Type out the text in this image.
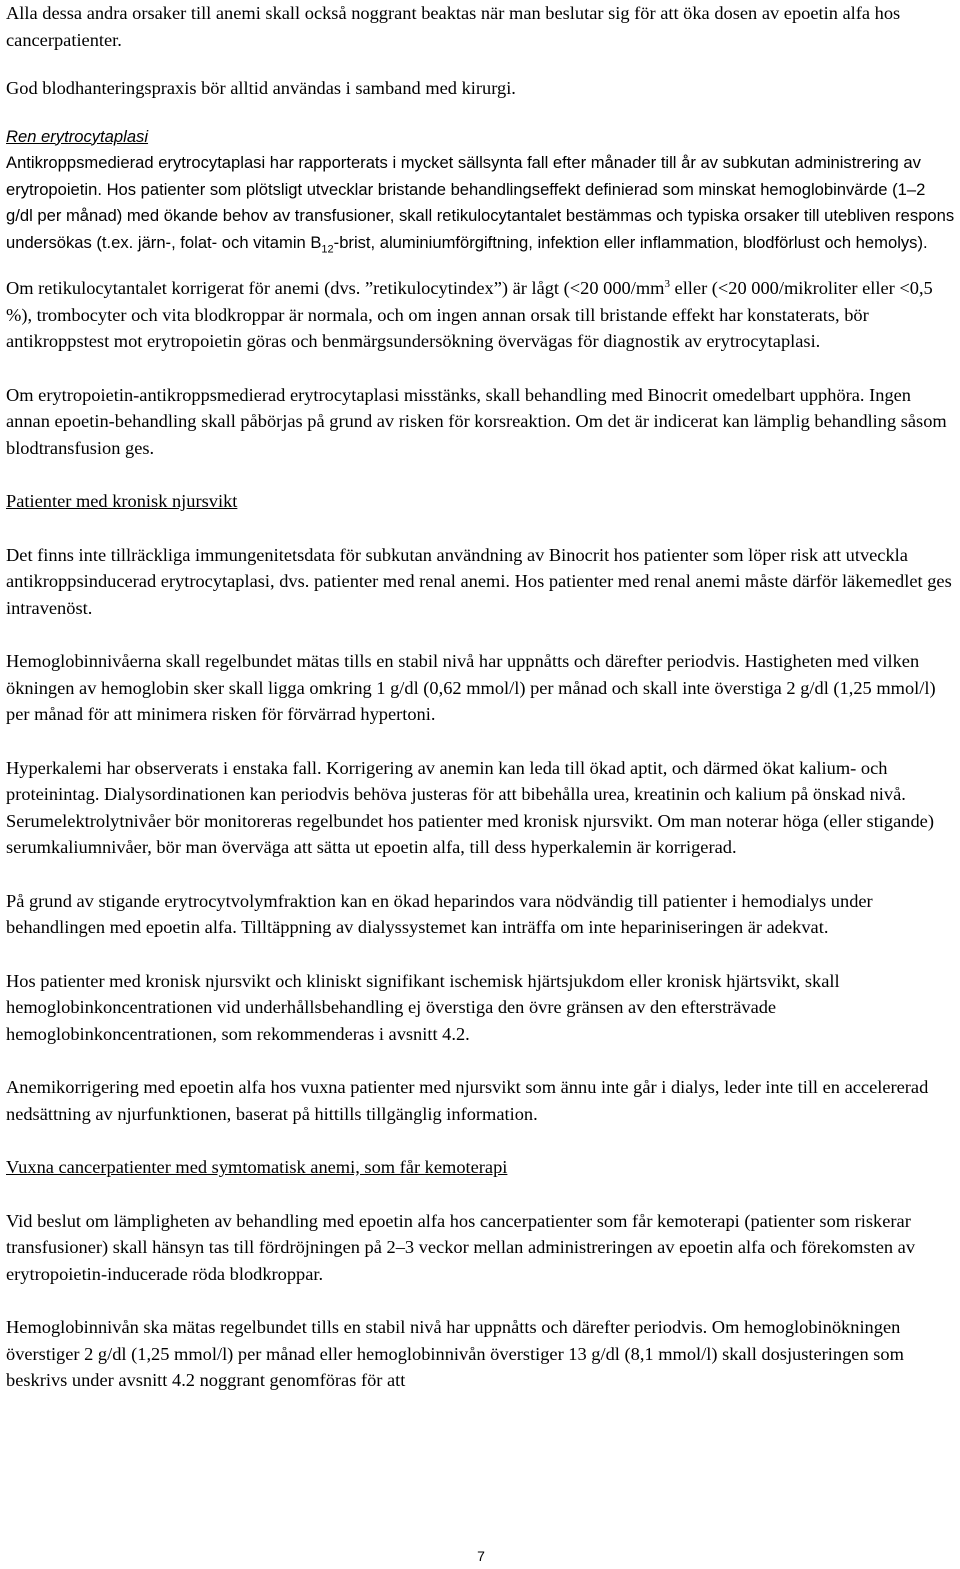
Alla dessa andra orsaker till anemi skall också noggrant beaktas när man beslutar sig för att öka dosen av epoetin alfa hos cancerpatienter.

God blodhanteringspraxis bör alltid användas i samband med kirurgi.

Ren erytrocytaplasi

Antikroppsmedierad erytrocytaplasi har rapporterats i mycket sällsynta fall efter månader till år av subkutan administrering av erytropoietin. Hos patienter som plötsligt utvecklar bristande behandlingseffekt definierad som minskat hemoglobinvärde (1–2 g/dl per månad) med ökande behov av transfusioner, skall retikulocytantalet bestämmas och typiska orsaker till utebliven respons undersökas (t.ex. järn-, folat- och vitamin $B_{12}$-brist, aluminiumförgiftning, infektion eller inflammation, blodförlust och hemolys).

Om retikulocytantalet korrigerat för anemi (dvs. ”retikulocytindex”) är lågt (<20 $000/mm^3$ eller (<20 000/mikroliter eller <0,5 %), trombocyter och vita blodkroppar är normala, och om ingen annan orsak till bristande effekt har konstaterats, bör antikroppstest mot erytropoietin göras och benmärgsundersökning övervägas för diagnostik av erytrocytaplasi.

Om erytropoietin-antikroppsmedierad erytrocytaplasi misstänks, skall behandling med Binocrit omedelbart upphöra. Ingen annan epoetin-behandling skall påbörjas på grund av risken för korsreaktion. Om det är indicerat kan lämplig behandling såsom blodtransfusion ges.

Patienter med kronisk njursvikt

Det finns inte tillräckliga immungenitetsdata för subkutan användning av Binocrit hos patienter som löper risk att utveckla antikroppsinducerad erytrocytaplasi, dvs. patienter med renal anemi. Hos patienter med renal anemi måste därför läkemedlet ges intravenöst.

Hemoglobinnivåerna skall regelbundet mätas tills en stabil nivå har uppnåtts och därefter periodvis. Hastigheten med vilken ökningen av hemoglobin sker skall ligga omkring 1 g/dl (0,62 mmol/l) per månad och skall inte överstiga 2 g/dl (1,25 mmol/l) per månad för att minimera risken för förvärrad hypertoni.

Hyperkalemi har observerats i enstaka fall. Korrigering av anemin kan leda till ökad aptit, och därmed ökat kalium- och proteinintag. Dialysordinationen kan periodvis behöva justeras för att bibehålla urea, kreatinin och kalium på önskad nivå. Serumelektrolytnivåer bör monitoreras regelbundet hos patienter med kronisk njursvikt. Om man noterar höga (eller stigande) serumkaliumnivåer, bör man överväga att sätta ut epoetin alfa, till dess hyperkalemin är korrigerad.

På grund av stigande erytrocytvolymfraktion kan en ökad heparindos vara nödvändig till patienter i hemodialys under behandlingen med epoetin alfa. Tilltäppning av dialyssystemet kan inträffa om inte hepariniseringen är adekvat.

Hos patienter med kronisk njursvikt och kliniskt signifikant ischemisk hjärtsjukdom eller kronisk hjärtsvikt, skall hemoglobinkoncentrationen vid underhållsbehandling ej överstiga den övre gränsen av den eftersträvade hemoglobinkoncentrationen, som rekommenderas i avsnitt 4.2.

Anemikorrigering med epoetin alfa hos vuxna patienter med njursvikt som ännu inte går i dialys, leder inte till en accelererad nedsättning av njurfunktionen, baserat på hittills tillgänglig information.

Vuxna cancerpatienter med symtomatisk anemi, som får kemoterapi

Vid beslut om lämpligheten av behandling med epoetin alfa hos cancerpatienter som får kemoterapi (patienter som riskerar transfusioner) skall hänsyn tas till fördröjningen på 2–3 veckor mellan administreringen av epoetin alfa och förekomsten av erytropoietin-inducerade röda blodkroppar.

Hemoglobinnivån ska mätas regelbundet tills en stabil nivå har uppnåtts och därefter periodvis. Om hemoglobinökningen överstiger 2 g/dl (1,25 mmol/l) per månad eller hemoglobinnivån överstiger 13 g/dl (8,1 mmol/l) skall dosjusteringen som beskrivs under avsnitt 4.2 noggrant genomföras för att

7
